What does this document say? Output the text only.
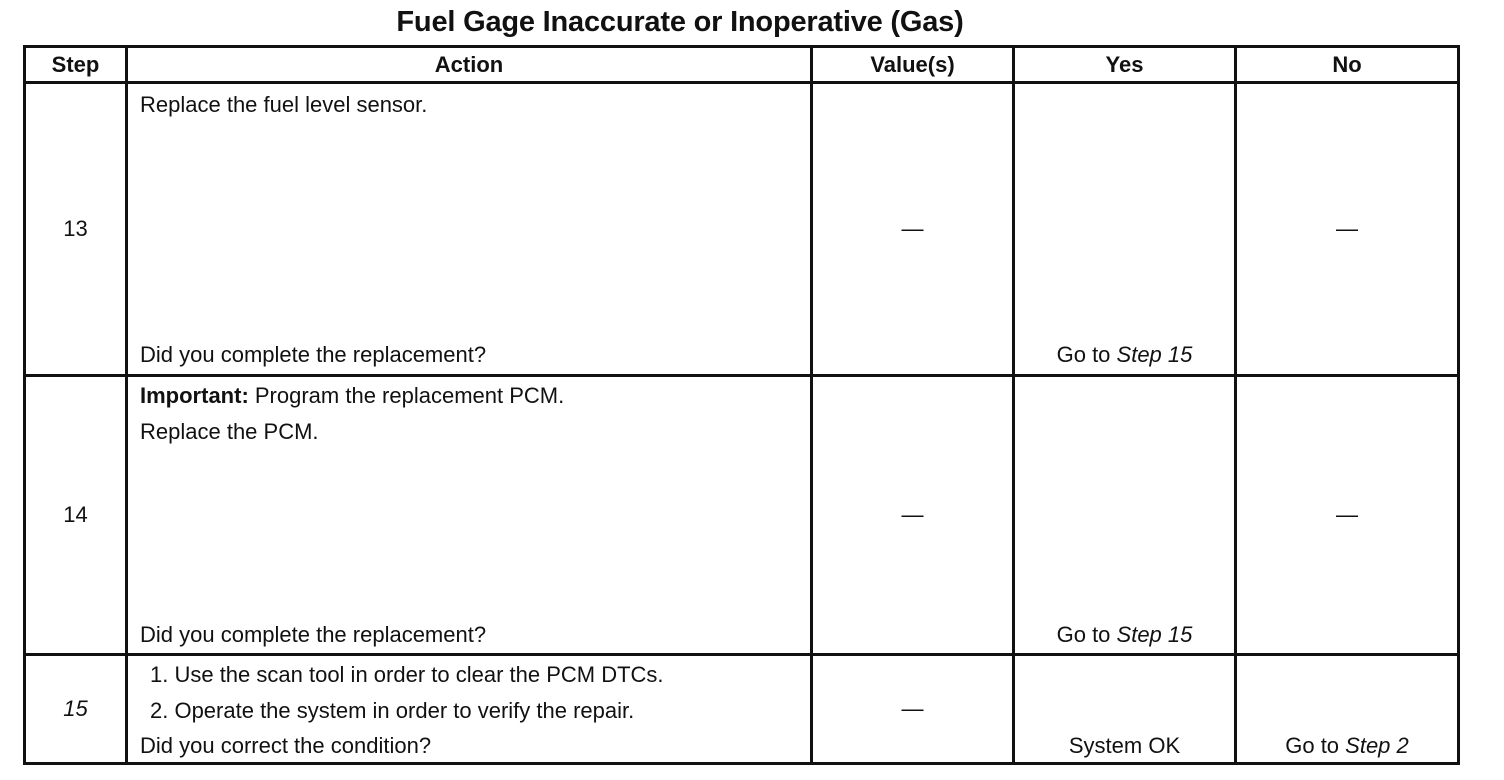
Fuel Gage Inaccurate or Inoperative (Gas)
Step	Action	Value(s)	Yes	No

13	Replace the fuel level sensor.
Did you complete the replacement?	—	Go to Step 15	—

14	Important: Program the replacement PCM.
Replace the PCM.
Did you complete the replacement?	—	Go to Step 15	—

15	1. Use the scan tool in order to clear the PCM DTCs.
2. Operate the system in order to verify the repair.
Did you correct the condition?	—	System OK	Go to Step 2
